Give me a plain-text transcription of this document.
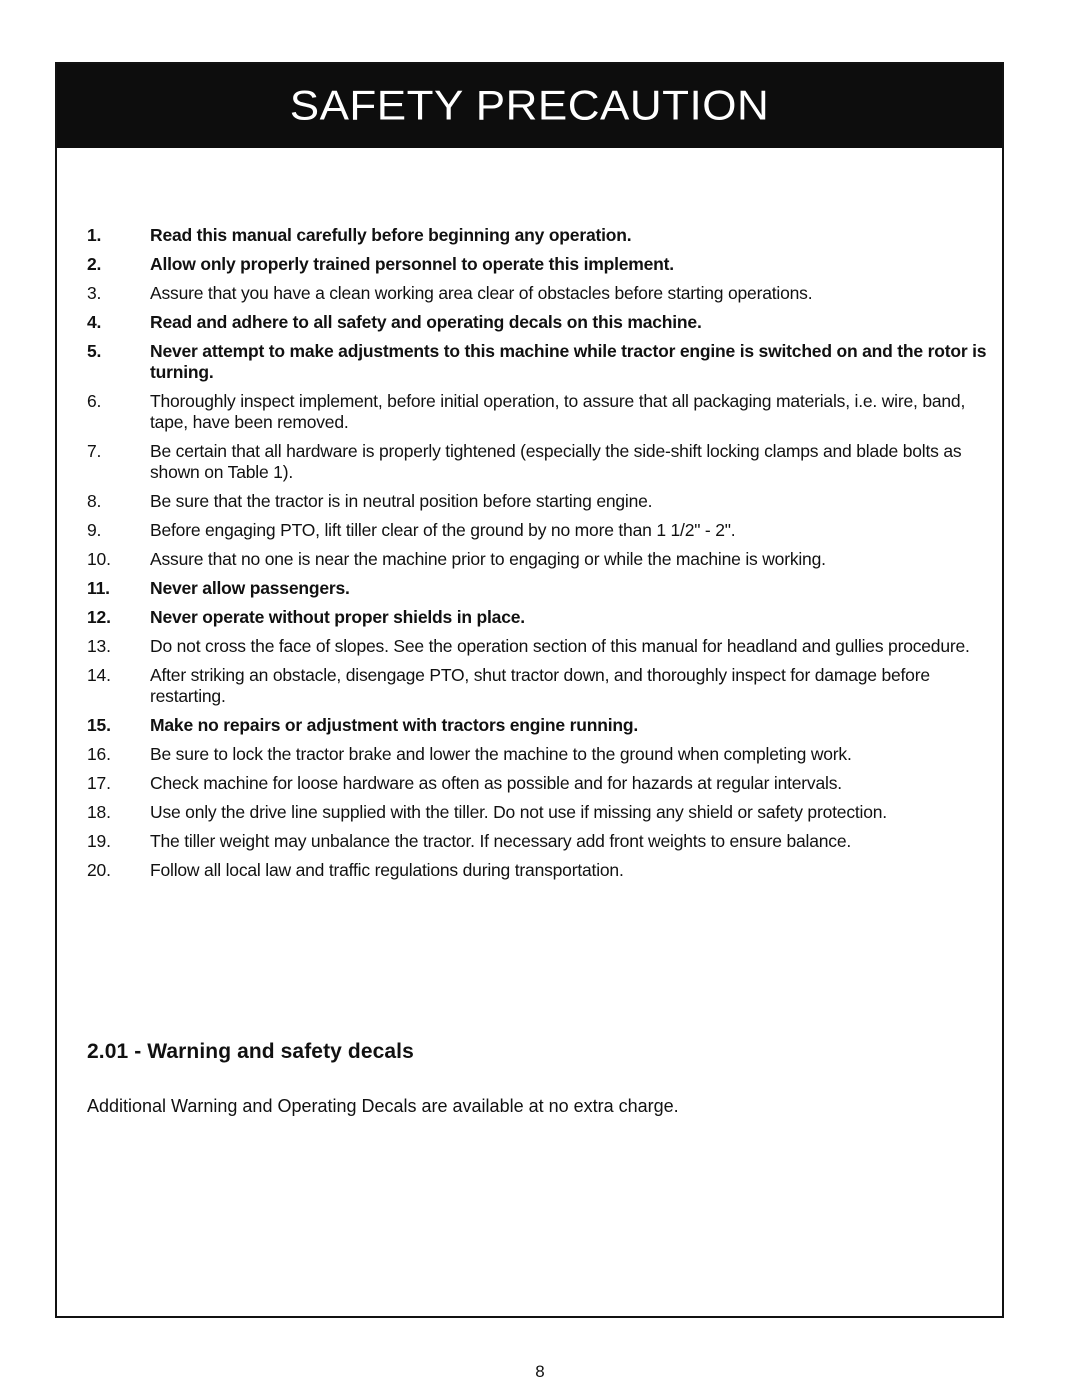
SAFETY PRECAUTION
1.	Read this manual carefully before beginning any operation.
2.	Allow only properly trained personnel to operate this implement.
3.	Assure that you have a clean working area clear of obstacles before starting operations.
4.	Read and adhere to all safety and operating decals on this machine.
5.	Never attempt to make adjustments to this machine while tractor engine is switched on and the rotor is turning.
6.	Thoroughly inspect implement, before initial operation, to assure that all packaging materials, i.e. wire, band, tape, have been removed.
7.	Be certain that all hardware is properly tightened (especially the side-shift locking clamps and blade bolts as shown on Table 1).
8.	Be sure that the tractor is in neutral position before starting engine.
9.	Before engaging PTO, lift tiller clear of the ground by no more than 1 1/2" - 2".
10.	Assure that no one is near the machine prior to engaging or while the machine is working.
11.	Never allow passengers.
12.	Never operate without proper shields in place.
13.	Do not cross the face of slopes. See the operation section of this manual for headland and gullies procedure.
14.	After striking an obstacle, disengage PTO, shut tractor down, and thoroughly inspect for damage before restarting.
15.	Make no repairs or adjustment with tractors engine running.
16.	Be sure to lock the tractor brake and lower the machine to the ground when completing work.
17.	Check machine for loose hardware as often as possible and for hazards at regular intervals.
18.	Use only the drive line supplied with the tiller. Do not use if missing any shield or safety protection.
19.	The tiller weight may unbalance the tractor. If necessary add front weights to ensure balance.
20.	Follow all local law and traffic regulations during transportation.
2.01 - Warning and safety decals

Additional Warning and Operating Decals are available at no extra charge.

8
